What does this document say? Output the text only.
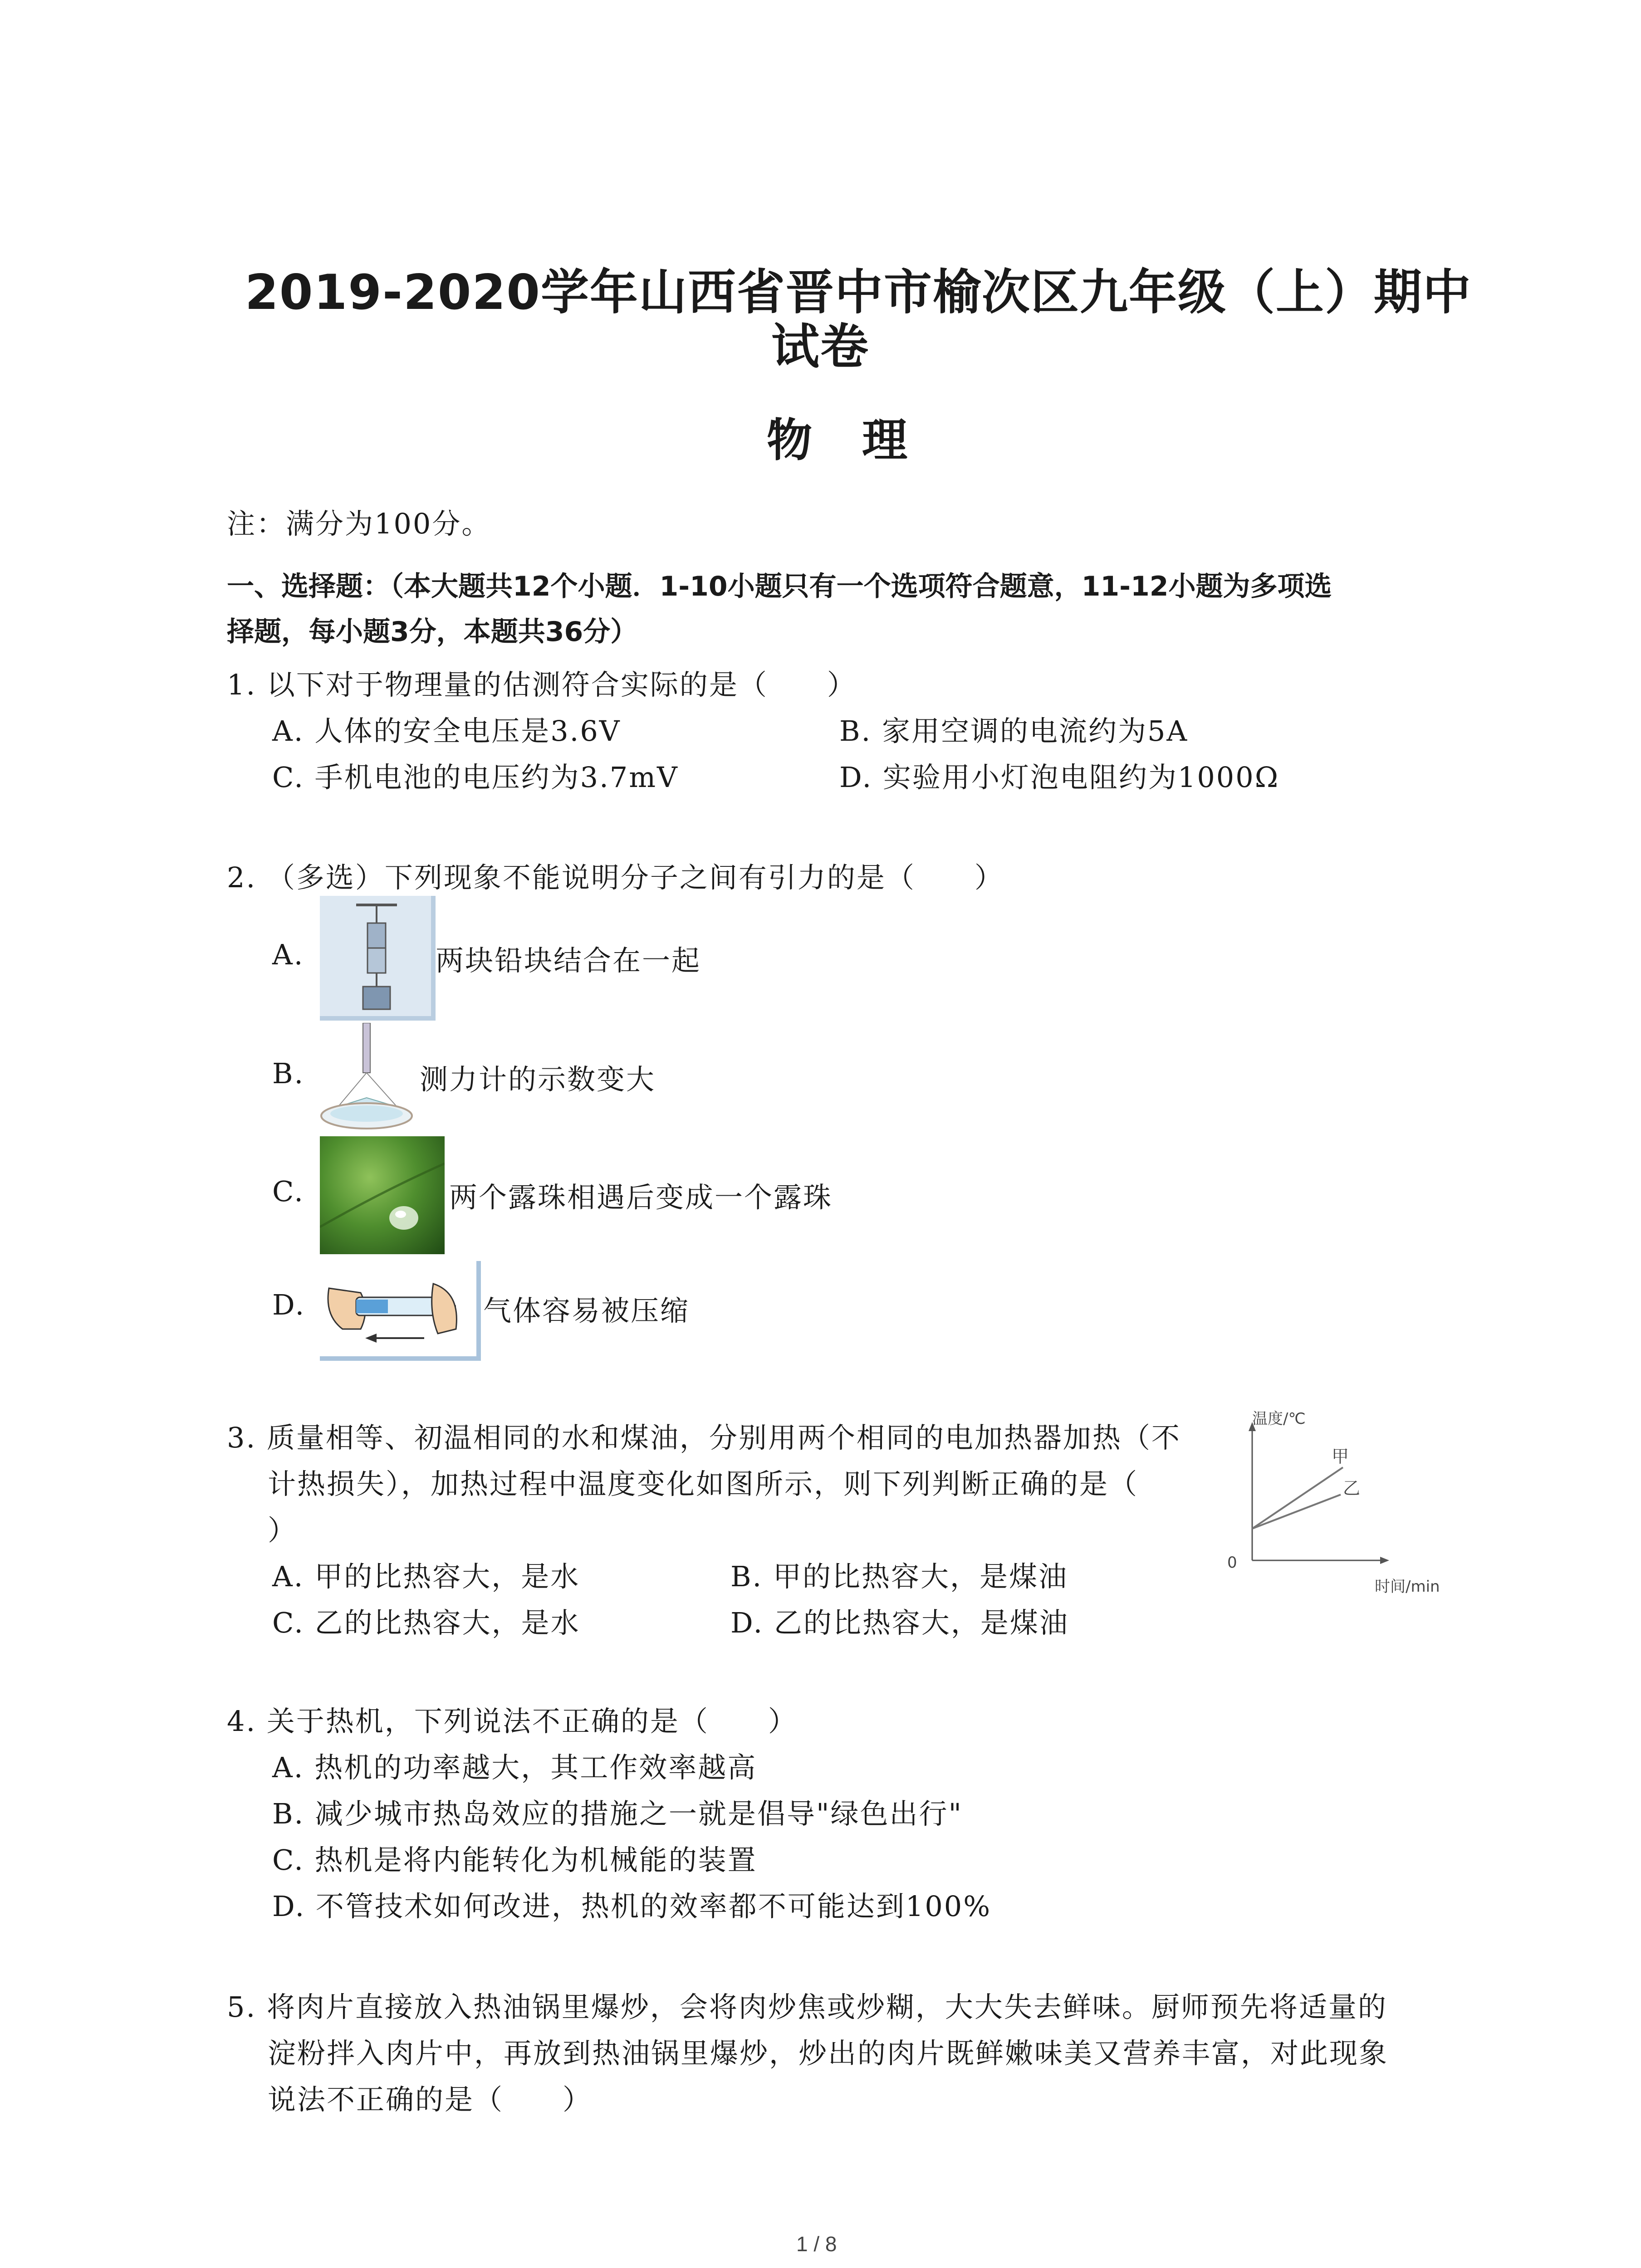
2019-2020学年山西省晋中市榆次区九年级（上）期中
试卷
物理
注：满分为100分。
一、选择题：（本大题共12个小题．1-10小题只有一个选项符合题意，11-12小题为多项选
择题，每小题3分，本题共36分）
1. 以下对于物理量的估测符合实际的是（　　）
A. 人体的安全电压是3.6V	B. 家用空调的电流约为5A
C. 手机电池的电压约为3.7mV	D. 实验用小灯泡电阻约为1000Ω
2. （多选）下列现象不能说明分子之间有引力的是（　　）
A.	两块铅块结合在一起
B.	测力计的示数变大
C.	两个露珠相遇后变成一个露珠
D.	气体容易被压缩
3. 质量相等、初温相同的水和煤油，分别用两个相同的电加热器加热（不
计热损失），加热过程中温度变化如图所示，则下列判断正确的是（
）
A. 甲的比热容大，是水	B. 甲的比热容大，是煤油
C. 乙的比热容大，是水	D. 乙的比热容大，是煤油
温度/℃
时间/min
0
甲
乙
4. 关于热机，下列说法不正确的是（　　）
A. 热机的功率越大，其工作效率越高
B. 减少城市热岛效应的措施之一就是倡导"绿色出行"
C. 热机是将内能转化为机械能的装置
D. 不管技术如何改进，热机的效率都不可能达到100%
5. 将肉片直接放入热油锅里爆炒，会将肉炒焦或炒糊，大大失去鲜味。厨师预先将适量的
淀粉拌入肉片中，再放到热油锅里爆炒，炒出的肉片既鲜嫩味美又营养丰富，对此现象
说法不正确的是（　　）
1 / 8
